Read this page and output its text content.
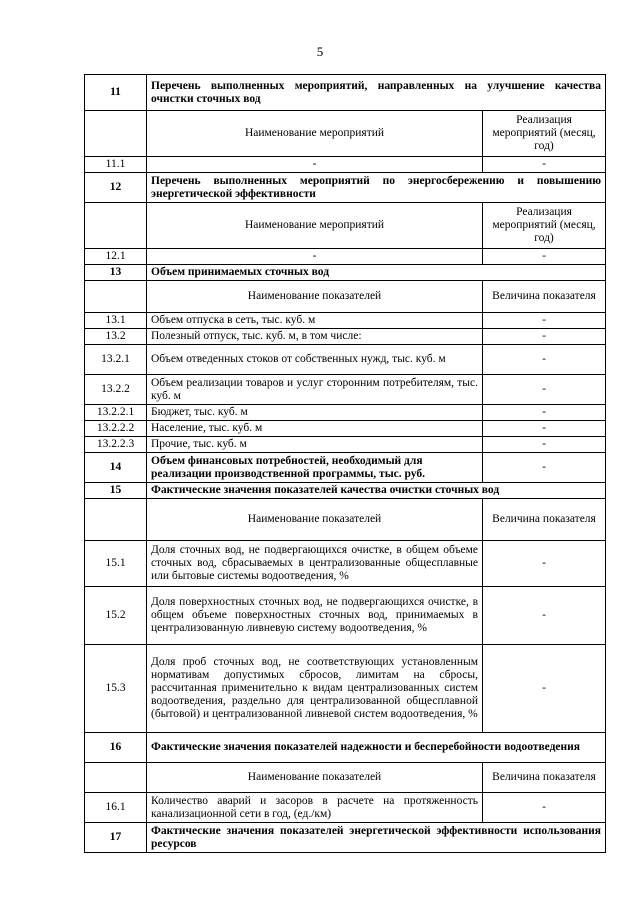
5
11	Перечень выполненных мероприятий, направленных на улучшение качества очистки сточных вод	
	Наименование мероприятий	Реализация мероприятий (месяц, год)
11.1	-	-
12	Перечень выполненных мероприятий по энергосбережению и повышению энергетической эффективности	
	Наименование мероприятий	Реализация мероприятий (месяц, год)
12.1	-	-
13	Объем принимаемых сточных вод	
	Наименование показателей	Величина показателя
13.1	Объем отпуска в сеть, тыс. куб. м	-
13.2	Полезный отпуск, тыс. куб. м, в том числе:	-
13.2.1	Объем отведенных стоков от собственных нужд, тыс. куб. м	-
13.2.2	Объем реализации товаров и услуг сторонним потребителям, тыс. куб. м	-
13.2.2.1	Бюджет, тыс. куб. м	-
13.2.2.2	Население, тыс. куб. м	-
13.2.2.3	Прочие, тыс. куб. м	-
14	Объем финансовых потребностей, необходимый для реализации производственной программы, тыс. руб.	-
15	Фактические значения показателей качества очистки сточных вод	
	Наименование показателей	Величина показателя
15.1	Доля сточных вод, не подвергающихся очистке, в общем объеме сточных вод, сбрасываемых в централизованные общесплавные или бытовые системы водоотведения, %	-
15.2	Доля поверхностных сточных вод, не подвергающихся очистке, в общем объеме поверхностных сточных вод, принимаемых в централизованную ливневую систему водоотведения, %	-
15.3	Доля проб сточных вод, не соответствующих установленным нормативам допустимых сбросов, лимитам на сбросы, рассчитанная применительно к видам централизованных систем водоотведения, раздельно для централизованной общесплавной (бытовой) и централизованной ливневой систем водоотведения, %	-
16	Фактические значения показателей надежности и бесперебойности водоотведения	
	Наименование показателей	Величина показателя
16.1	Количество аварий и засоров в расчете на протяженность канализационной сети в год, (ед./км)	-
17	Фактические значения показателей энергетической эффективности использования ресурсов	
